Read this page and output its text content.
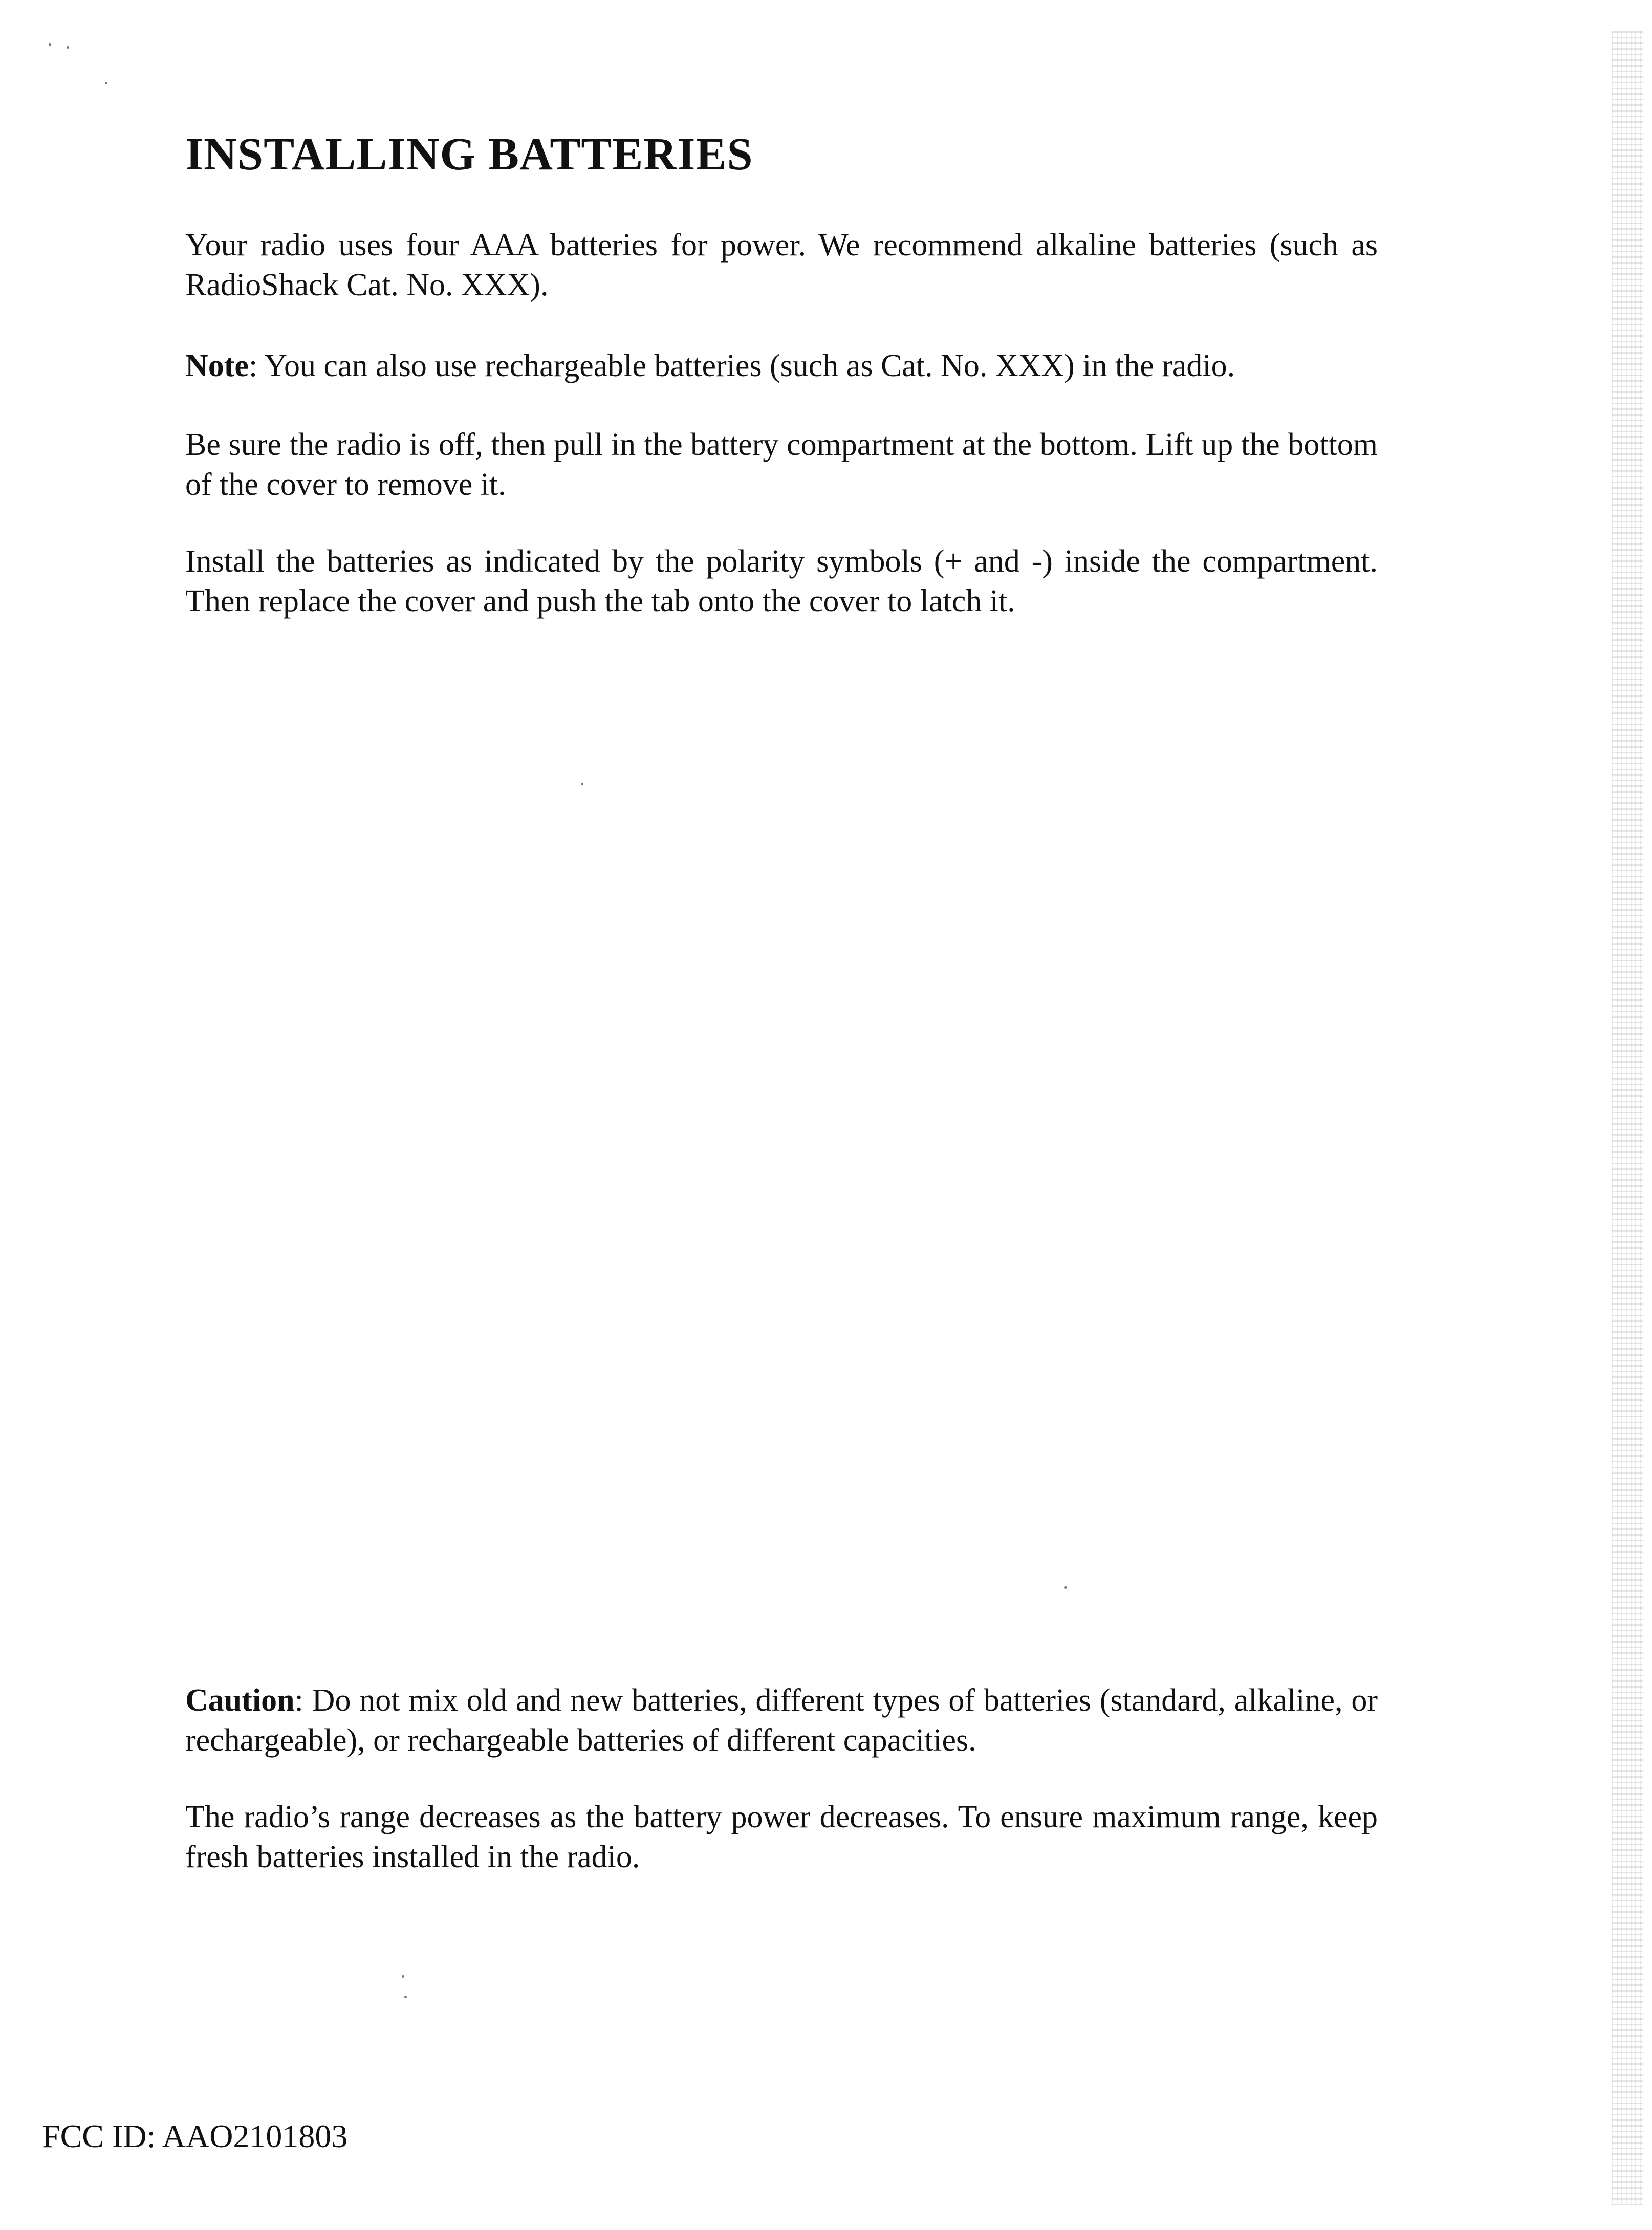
INSTALLING BATTERIES

Your radio uses four AAA batteries for power. We recommend alkaline batteries (such as RadioShack Cat. No. XXX).

Note: You can also use rechargeable batteries (such as Cat. No. XXX) in the radio.

Be sure the radio is off, then pull in the battery compartment at the bottom. Lift up the bottom of the cover to remove it.

Install the batteries as indicated by the polarity symbols (+ and -) inside the compartment. Then replace the cover and push the tab onto the cover to latch it.

Caution: Do not mix old and new batteries, different types of batteries (standard, alkaline, or rechargeable), or rechargeable batteries of different capacities.

The radio’s range decreases as the battery power decreases. To ensure maximum range, keep fresh batteries installed in the radio.

FCC ID: AAO2101803
